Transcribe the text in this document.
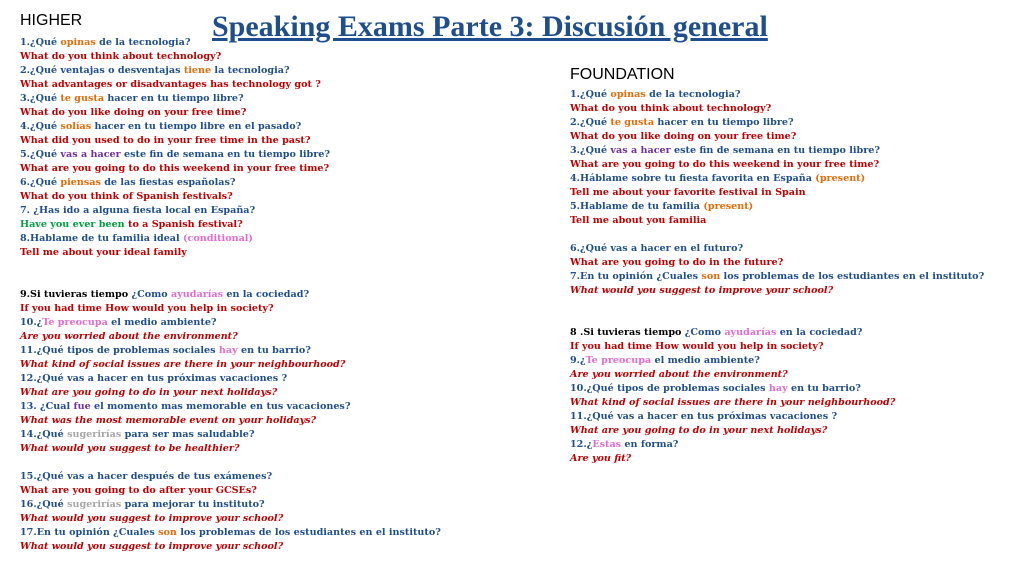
Speaking Exams Parte 3: Discusión general
HIGHER
1.¿Qué opinas de la tecnologia?
What do you think about technology?
2.¿Qué ventajas o desventajas tiene la tecnologia?
What advantages or disadvantages has technology got ?
3.¿Qué te gusta hacer en tu tiempo libre?
What do you like doing on your free time?
4.¿Qué solías hacer en tu tiempo libre en el pasado?
What did you used to do in your free time in the past?
5.¿Qué vas a hacer este fin de semana en tu tiempo libre?
What are you going to do this weekend in your free time?
6.¿Qué piensas de las fiestas españolas?
What do you think of Spanish festivals?
7. ¿Has ido a alguna fiesta local en España?
Have you ever been to a Spanish festival?
8.Hablame de tu familia ideal (conditional)
Tell me about your ideal family
9.Si tuvieras tiempo ¿Como ayudarías en la cociedad?
If you had time How would you help in society?
10.¿Te preocupa el medio ambiente?
Are you worried about the environment?
11.¿Qué tipos de problemas sociales hay en tu barrio?
What kind of social issues are there in your neighbourhood?
12.¿Qué vas a hacer en tus próximas vacaciones ?
What are you going to do in your next holidays?
13. ¿Cual fue el momento mas memorable en tus vacaciones?
What was the most memorable event on your holidays?
14.¿Qué sugerirías para ser mas saludable?
What would you suggest to be healthier?
15.¿Qué vas a hacer después de tus exámenes?
What are you going to do after your GCSEs?
16.¿Qué sugerirías para mejorar tu instituto?
What would you suggest to improve your school?
17.En tu opinión ¿Cuales son los problemas de los estudiantes en el instituto?
What would you suggest to improve your school?
FOUNDATION
1.¿Qué opinas de la tecnologia?
What do you think about technology?
2.¿Qué te gusta hacer en tu tiempo libre?
What do you like doing on your free time?
3.¿Qué vas a hacer este fin de semana en tu tiempo libre?
What are you going to do this weekend in your free time?
4.Háblame sobre tu fiesta favorita en España (present)
Tell me about your favorite festival in Spain
5.Hablame de tu familia (present)
Tell me about you familia
6.¿Qué vas a hacer en el futuro?
What are you going to do in the future?
7.En tu opinión ¿Cuales son los problemas de los estudiantes en el instituto?
What would you suggest to improve your school?
8 .Si tuvieras tiempo ¿Como ayudarías en la cociedad?
If you had time How would you help in society?
9.¿Te preocupa el medio ambiente?
Are you worried about the environment?
10.¿Qué tipos de problemas sociales hay en tu barrio?
What kind of social issues are there in your neighbourhood?
11.¿Qué vas a hacer en tus próximas vacaciones ?
What are you going to do in your next holidays?
12.¿Estas en forma?
Are you fit?
